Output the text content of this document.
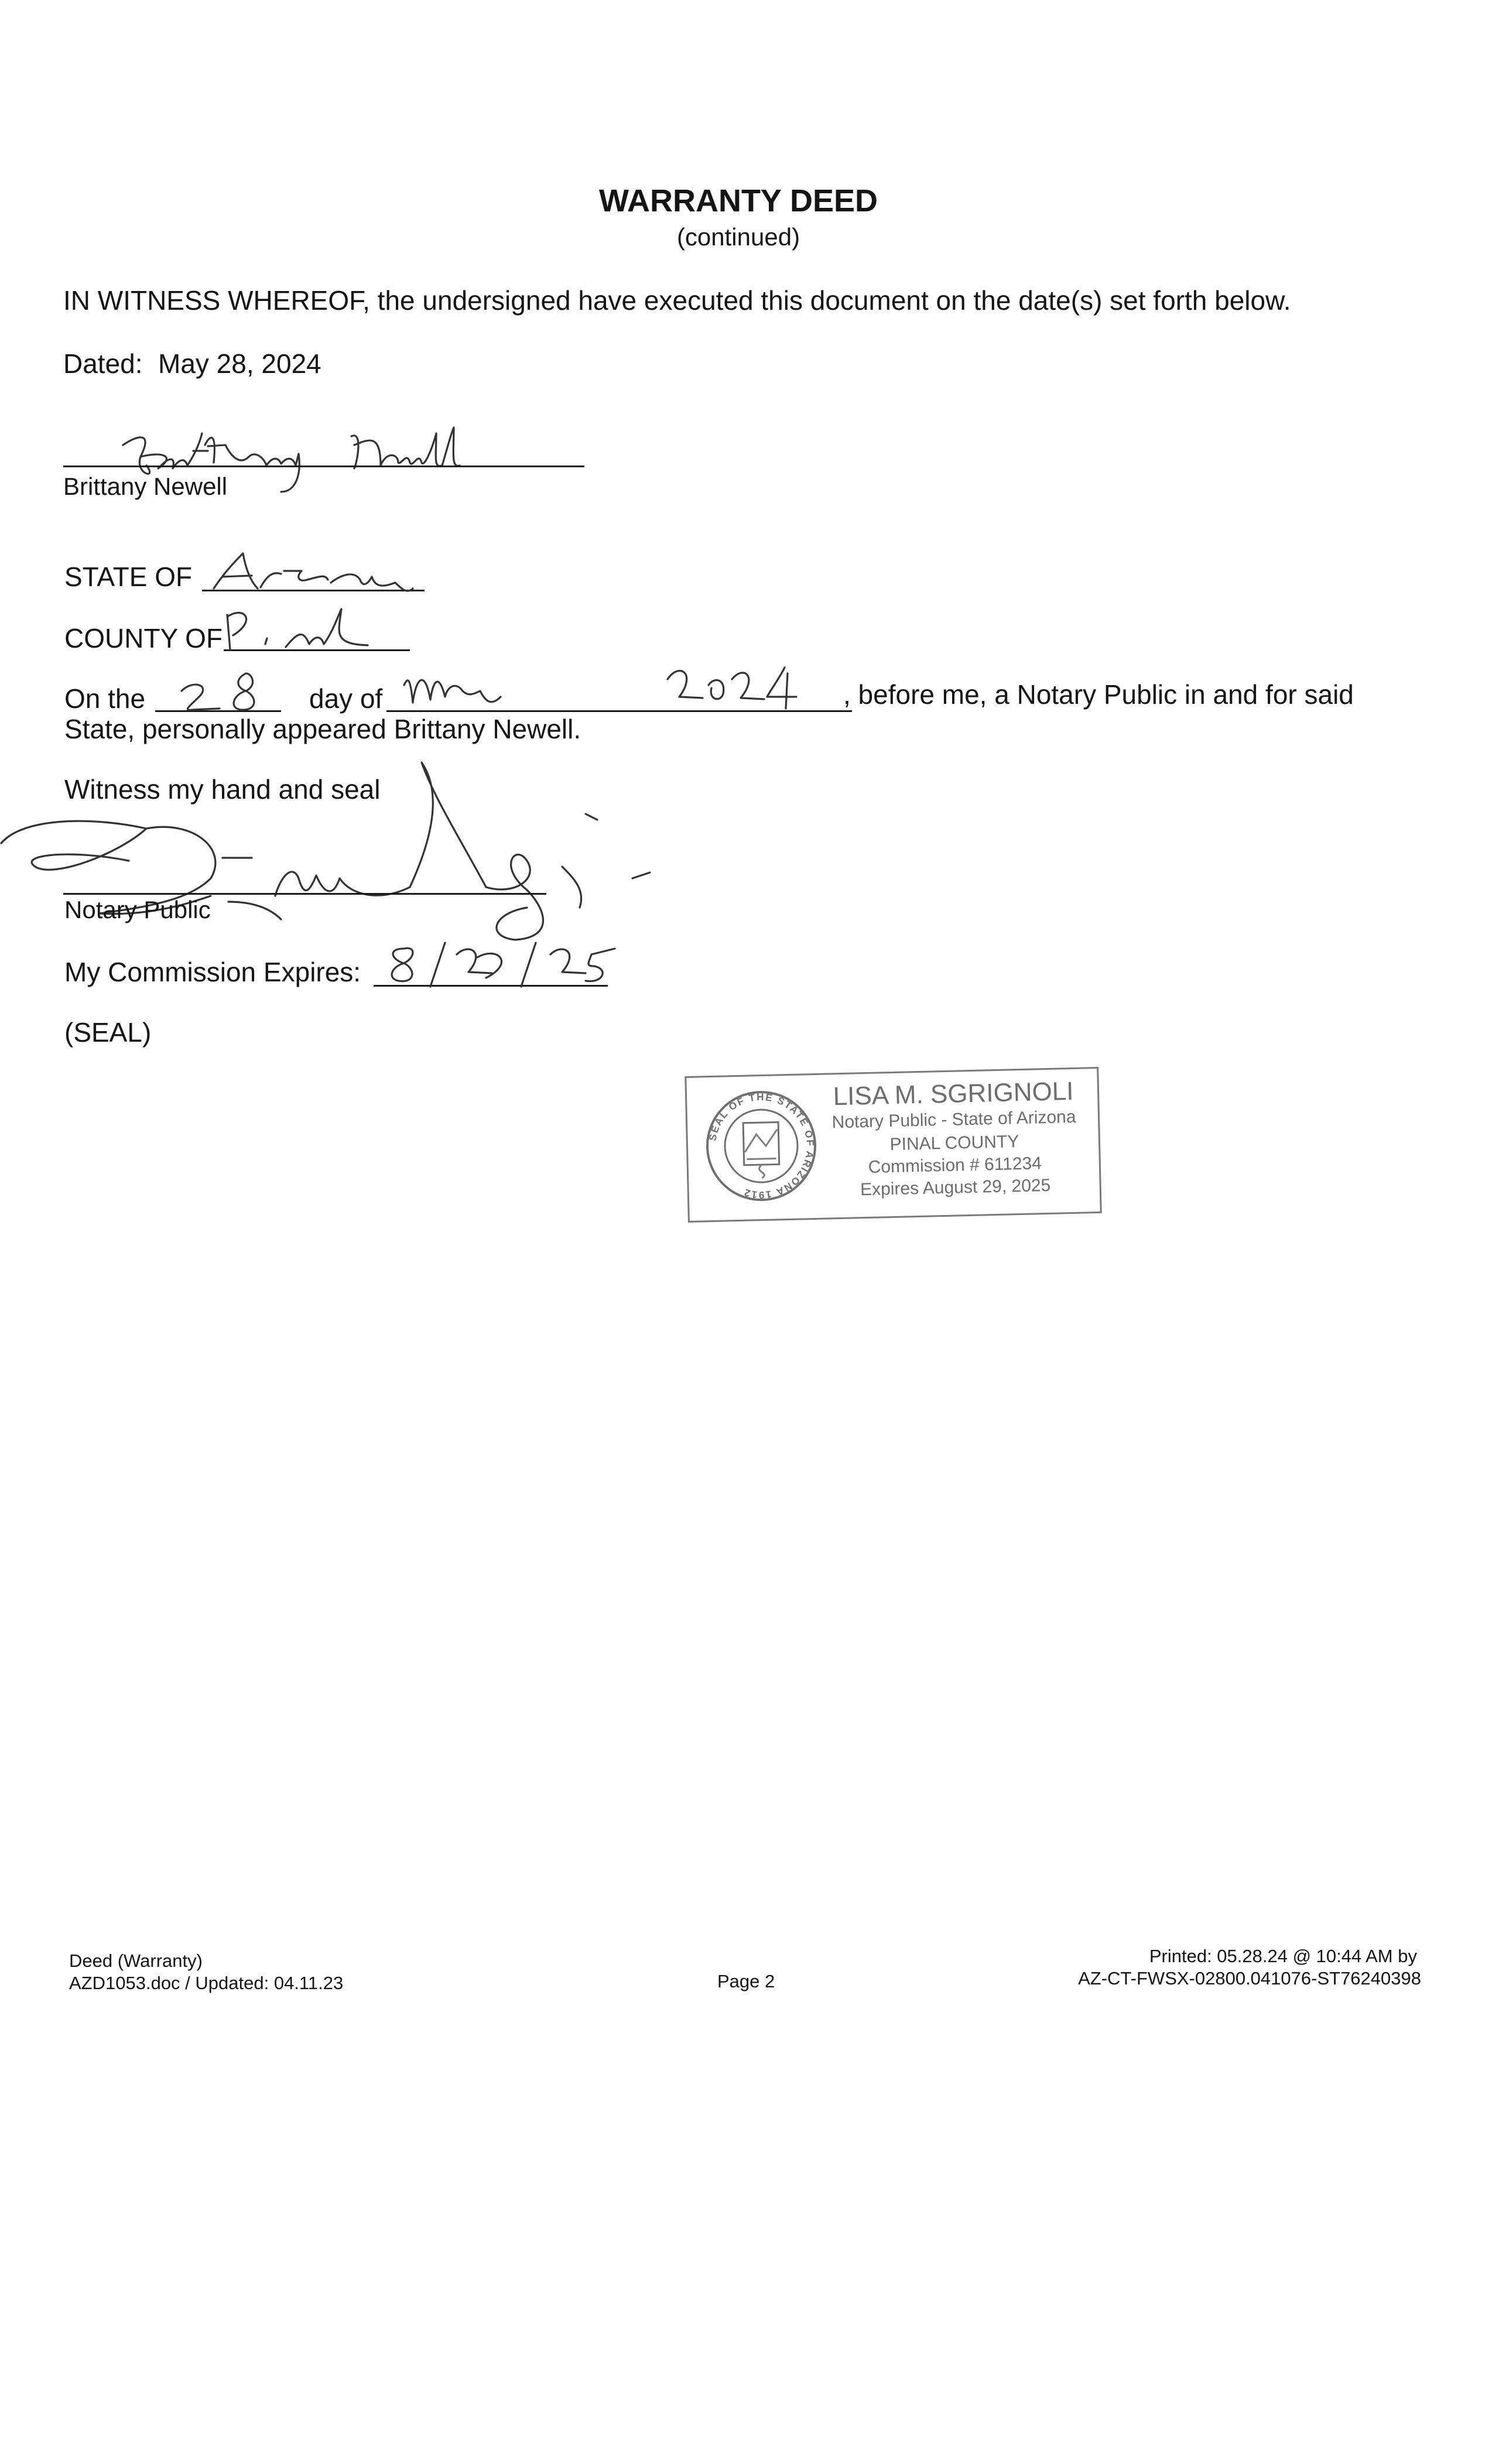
WARRANTY DEED
(continued)
IN WITNESS WHEREOF, the undersigned have executed this document on the date(s) set forth below.
Dated: May 28, 2024
Brittany Newell
STATE OF
COUNTY OF
On the	day of	, before me, a Notary Public in and for said
State, personally appeared Brittany Newell.
Witness my hand and seal
Notary Public
My Commission Expires:
(SEAL)
SEAL OF THE STATE OF ARIZONA 1912
LISA M. SGRIGNOLI
Notary Public - State of Arizona
PINAL COUNTY
Commission # 611234
Expires August 29, 2025
Deed (Warranty)
AZD1053.doc / Updated: 04.11.23	Page 2
Printed: 05.28.24 @ 10:44 AM by
AZ-CT-FWSX-02800.041076-ST76240398
